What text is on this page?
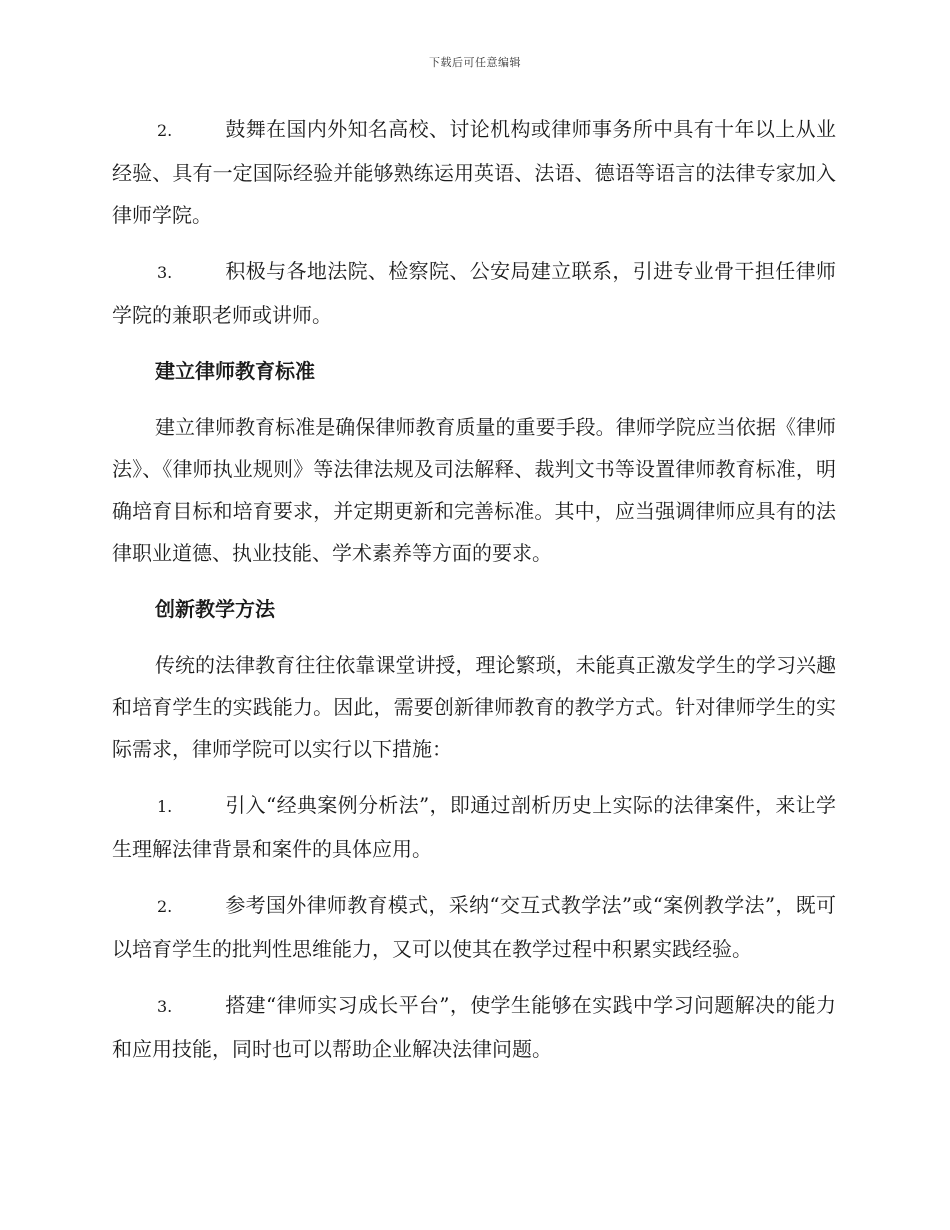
下载后可任意编辑

2.	鼓舞在国内外知名高校、讨论机构或律师事务所中具有十年以上从业经验、具有一定国际经验并能够熟练运用英语、法语、德语等语言的法律专家加入律师学院。

3.	积极与各地法院、检察院、公安局建立联系，引进专业骨干担任律师学院的兼职老师或讲师。

建立律师教育标准

建立律师教育标准是确保律师教育质量的重要手段。律师学院应当依据《律师法》、《律师执业规则》等法律法规及司法解释、裁判文书等设置律师教育标准，明确培育目标和培育要求，并定期更新和完善标准。其中，应当强调律师应具有的法律职业道德、执业技能、学术素养等方面的要求。

创新教学方法

传统的法律教育往往依靠课堂讲授，理论繁琐，未能真正激发学生的学习兴趣和培育学生的实践能力。因此，需要创新律师教育的教学方式。针对律师学生的实际需求，律师学院可以实行以下措施：

1.	引入“经典案例分析法”，即通过剖析历史上实际的法律案件，来让学生理解法律背景和案件的具体应用。

2.	参考国外律师教育模式，采纳“交互式教学法”或“案例教学法”，既可以培育学生的批判性思维能力，又可以使其在教学过程中积累实践经验。

3.	搭建“律师实习成长平台”，使学生能够在实践中学习问题解决的能力和应用技能，同时也可以帮助企业解决法律问题。
